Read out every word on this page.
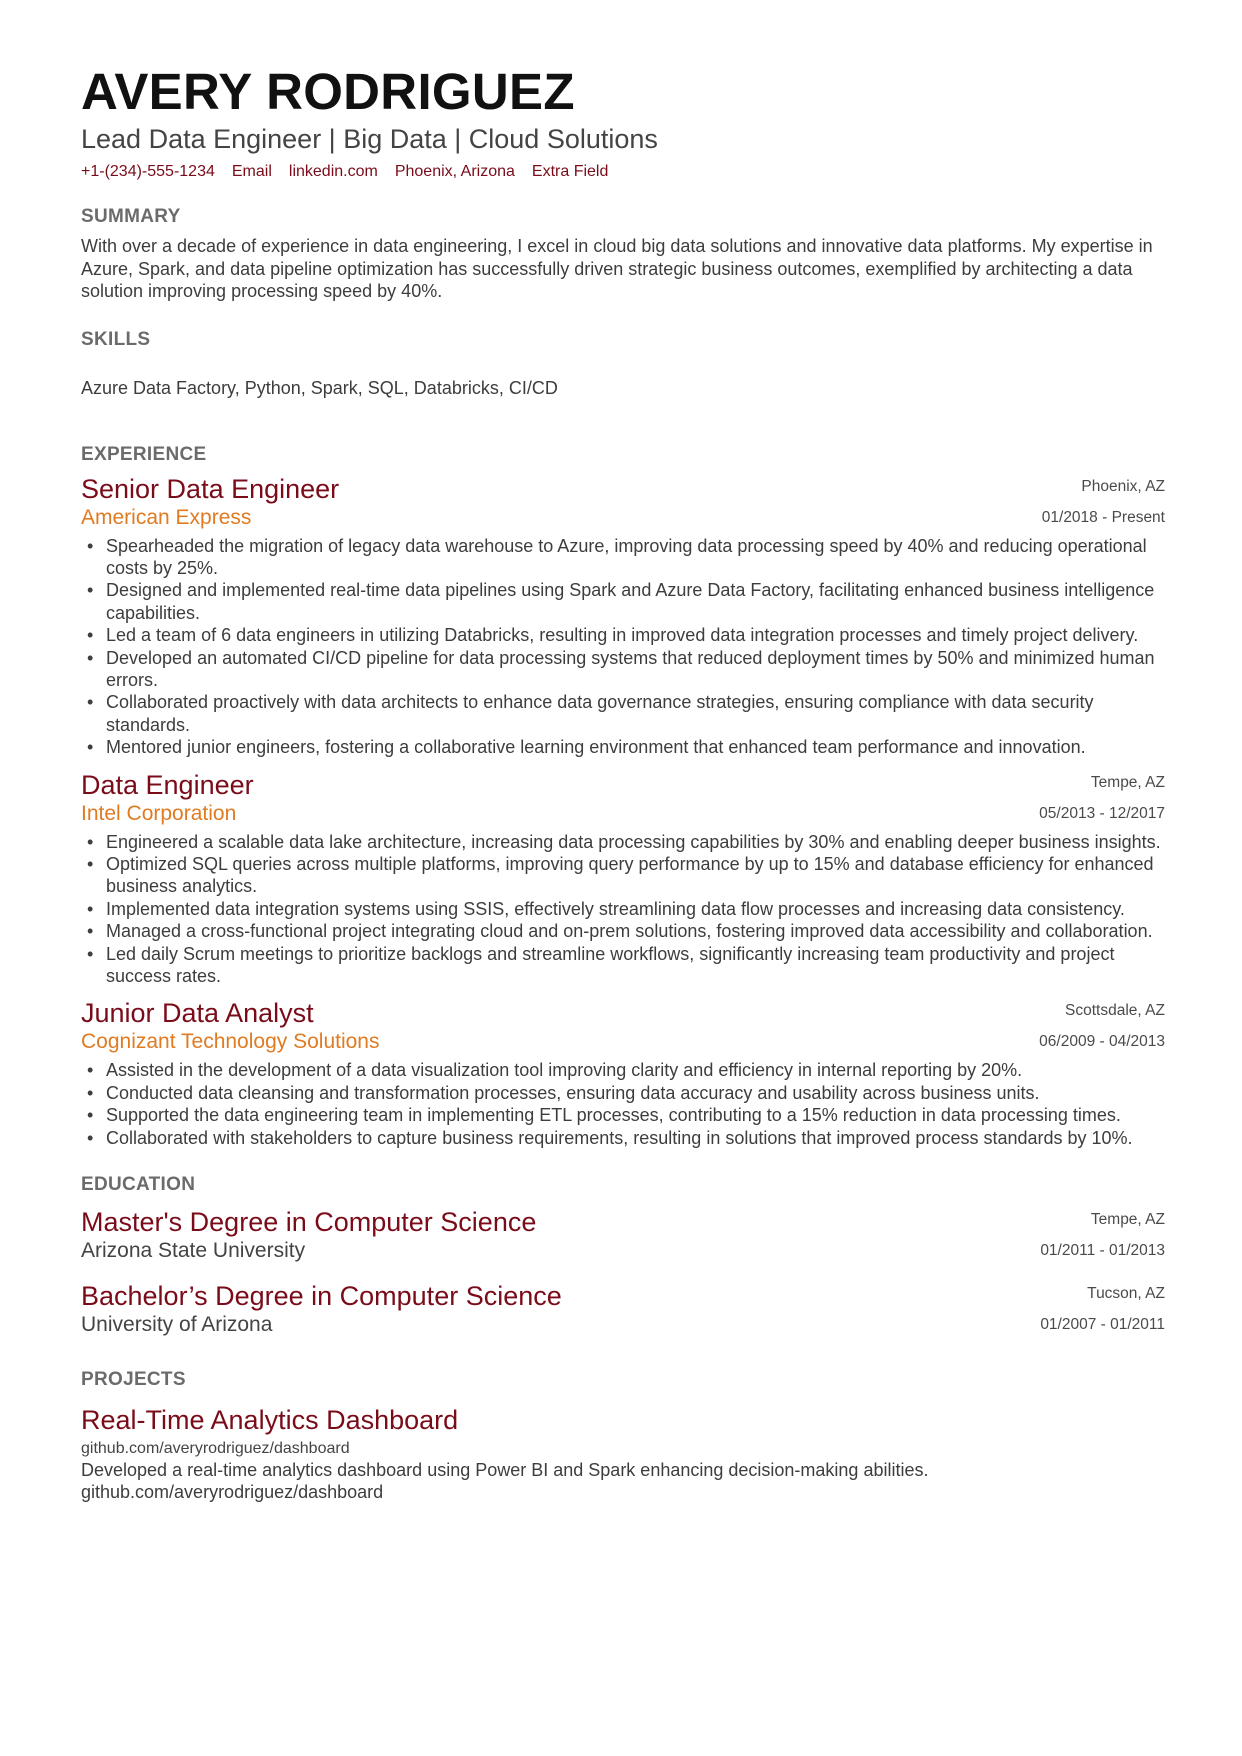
AVERY RODRIGUEZ
Lead Data Engineer | Big Data | Cloud Solutions
+1-(234)-555-1234 Email linkedin.com Phoenix, Arizona Extra Field
SUMMARY
With over a decade of experience in data engineering, I excel in cloud big data solutions and innovative data platforms. My expertise in Azure, Spark, and data pipeline optimization has successfully driven strategic business outcomes, exemplified by architecting a data solution improving processing speed by 40%.
SKILLS
Azure Data Factory, Python, Spark, SQL, Databricks, CI/CD
EXPERIENCE
Senior Data Engineer
American Express
Phoenix, AZ
01/2018 - Present
• Spearheaded the migration of legacy data warehouse to Azure, improving data processing speed by 40% and reducing operational costs by 25%.
• Designed and implemented real-time data pipelines using Spark and Azure Data Factory, facilitating enhanced business intelligence capabilities.
• Led a team of 6 data engineers in utilizing Databricks, resulting in improved data integration processes and timely project delivery.
• Developed an automated CI/CD pipeline for data processing systems that reduced deployment times by 50% and minimized human errors.
• Collaborated proactively with data architects to enhance data governance strategies, ensuring compliance with data security standards.
• Mentored junior engineers, fostering a collaborative learning environment that enhanced team performance and innovation.
Data Engineer
Intel Corporation
Tempe, AZ
05/2013 - 12/2017
• Engineered a scalable data lake architecture, increasing data processing capabilities by 30% and enabling deeper business insights.
• Optimized SQL queries across multiple platforms, improving query performance by up to 15% and database efficiency for enhanced business analytics.
• Implemented data integration systems using SSIS, effectively streamlining data flow processes and increasing data consistency.
• Managed a cross-functional project integrating cloud and on-prem solutions, fostering improved data accessibility and collaboration.
• Led daily Scrum meetings to prioritize backlogs and streamline workflows, significantly increasing team productivity and project success rates.
Junior Data Analyst
Cognizant Technology Solutions
Scottsdale, AZ
06/2009 - 04/2013
• Assisted in the development of a data visualization tool improving clarity and efficiency in internal reporting by 20%.
• Conducted data cleansing and transformation processes, ensuring data accuracy and usability across business units.
• Supported the data engineering team in implementing ETL processes, contributing to a 15% reduction in data processing times.
• Collaborated with stakeholders to capture business requirements, resulting in solutions that improved process standards by 10%.
EDUCATION
Master's Degree in Computer Science
Arizona State University
Tempe, AZ
01/2011 - 01/2013
Bachelor’s Degree in Computer Science
University of Arizona
Tucson, AZ
01/2007 - 01/2011
PROJECTS
Real-Time Analytics Dashboard
github.com/averyrodriguez/dashboard
Developed a real-time analytics dashboard using Power BI and Spark enhancing decision-making abilities.
github.com/averyrodriguez/dashboard
